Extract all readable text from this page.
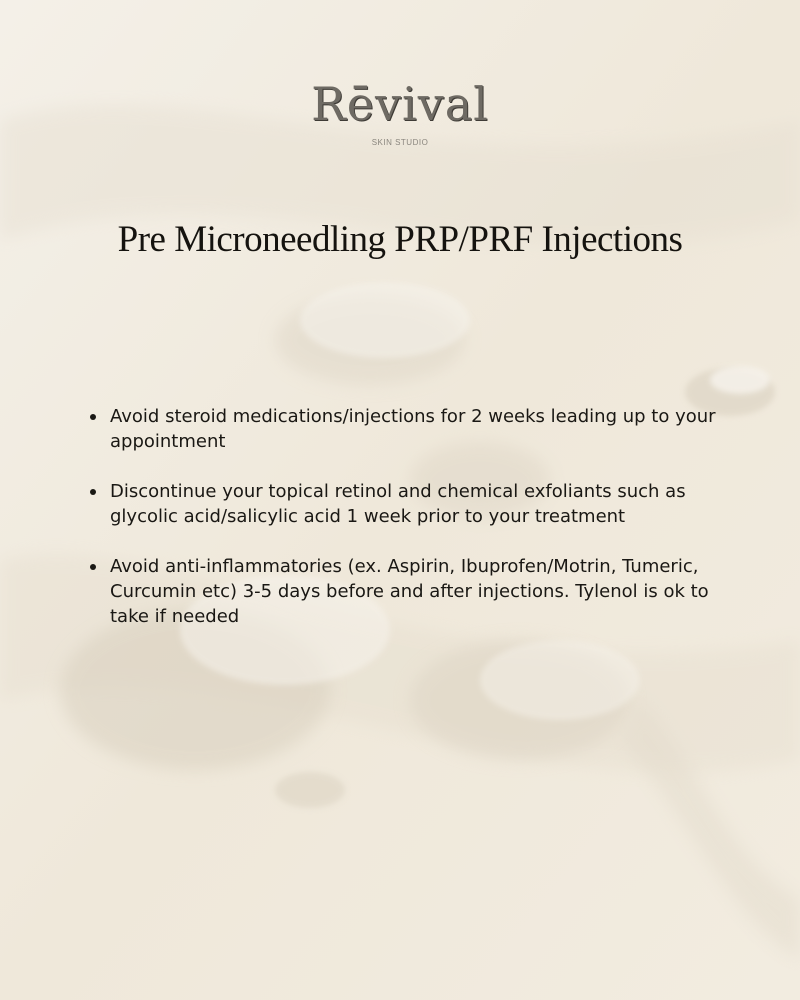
Rēvival
SKIN STUDIO
Pre Microneedling PRP/PRF Injections
Avoid steroid medications/injections for 2 weeks leading up to your appointment
Discontinue your topical retinol and chemical exfoliants such as glycolic acid/salicylic acid 1 week prior to your treatment
Avoid anti-inflammatories (ex. Aspirin, Ibuprofen/Motrin, Tumeric, Curcumin etc) 3-5 days before and after injections. Tylenol is ok to take if needed
